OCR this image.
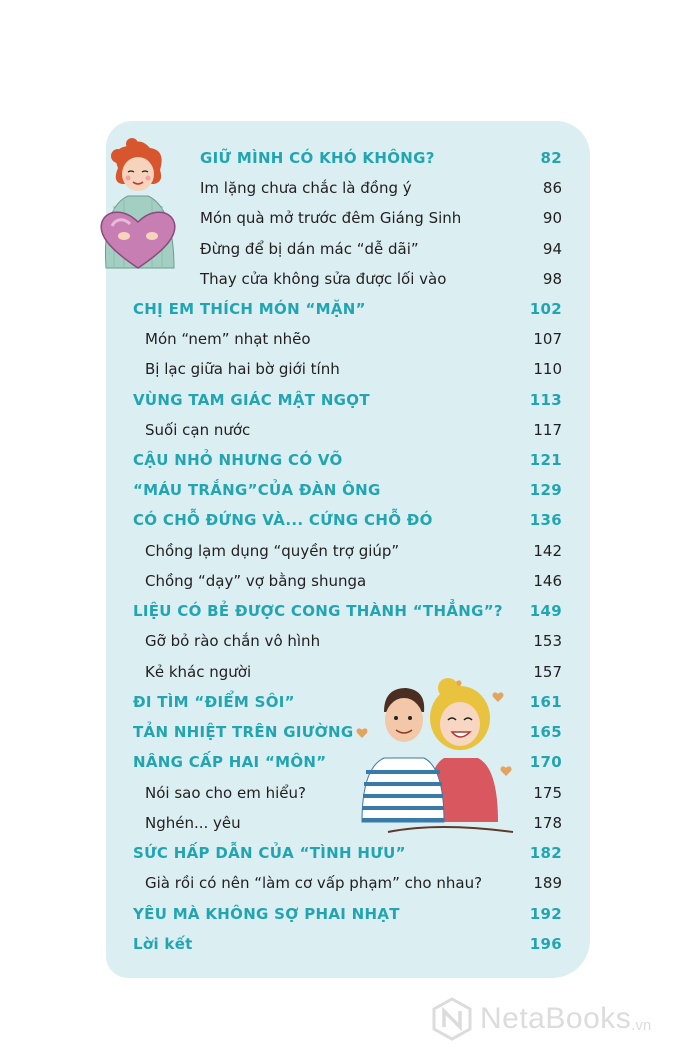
GIỮ MÌNH CÓ KHÓ KHÔNG?	82
Im lặng chưa chắc là đồng ý	86
Món quà mở trước đêm Giáng Sinh	90
Đừng để bị dán mác “dễ dãi”	94
Thay cửa không sửa được lối vào	98
CHỊ EM THÍCH MÓN “MẶN”	102
Món “nem” nhạt nhẽo	107
Bị lạc giữa hai bờ giới tính	110
VÙNG TAM GIÁC MẬT NGỌT	113
Suối cạn nước	117
CẬU NHỎ NHƯNG CÓ VÕ	121
“MÁU TRẮNG”CỦA ĐÀN ÔNG	129
CÓ CHỖ ĐỨNG VÀ... CỨNG CHỖ ĐÓ	136
Chồng lạm dụng “quyền trợ giúp”	142
Chồng “dạy” vợ bằng shunga	146
LIỆU CÓ BẺ ĐƯỢC CONG THÀNH “THẲNG”? 149
Gỡ bỏ rào chắn vô hình	153
Kẻ khác người	157
ĐI TÌM “ĐIỂM SÔI”	161
TẢN NHIỆT TRÊN GIƯỜNG	165
NÂNG CẤP HAI “MÔN”	170
Nói sao cho em hiểu?	175
Nghén... yêu	178
SỨC HẤP DẪN CỦA “TÌNH HƯU”	182
Già rồi có nên “làm cơ vấp phạm” cho nhau?	189
YÊU MÀ KHÔNG SỢ PHAI NHẠT	192
Lời kết	196
NetaBooks .vn
